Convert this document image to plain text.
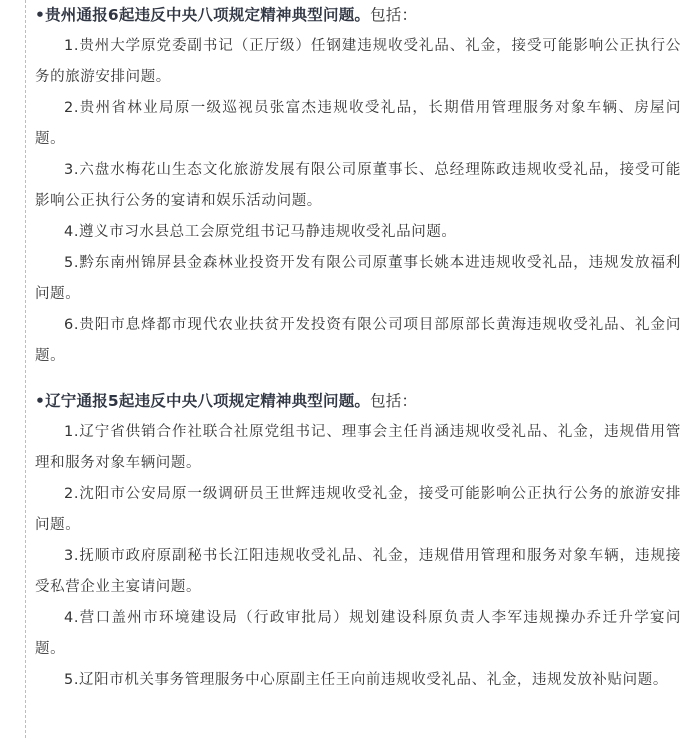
•贵州通报6起违反中央八项规定精神典型问题。包括：

1.贵州大学原党委副书记（正厅级）任钢建违规收受礼品、礼金，接受可能影响公正执行公务的旅游安排问题。

2.贵州省林业局原一级巡视员张富杰违规收受礼品，长期借用管理服务对象车辆、房屋问题。

3.六盘水梅花山生态文化旅游发展有限公司原董事长、总经理陈政违规收受礼品，接受可能影响公正执行公务的宴请和娱乐活动问题。

4.遵义市习水县总工会原党组书记马静违规收受礼品问题。

5.黔东南州锦屏县金森林业投资开发有限公司原董事长姚本进违规收受礼品，违规发放福利问题。

6.贵阳市息烽都市现代农业扶贫开发投资有限公司项目部原部长黄海违规收受礼品、礼金问题。

•辽宁通报5起违反中央八项规定精神典型问题。包括：

1.辽宁省供销合作社联合社原党组书记、理事会主任肖涵违规收受礼品、礼金，违规借用管理和服务对象车辆问题。

2.沈阳市公安局原一级调研员王世辉违规收受礼金，接受可能影响公正执行公务的旅游安排问题。

3.抚顺市政府原副秘书长江阳违规收受礼品、礼金，违规借用管理和服务对象车辆，违规接受私营企业主宴请问题。

4.营口盖州市环境建设局（行政审批局）规划建设科原负责人李军违规操办乔迁升学宴问题。

5.辽阳市机关事务管理服务中心原副主任王向前违规收受礼品、礼金，违规发放补贴问题。
